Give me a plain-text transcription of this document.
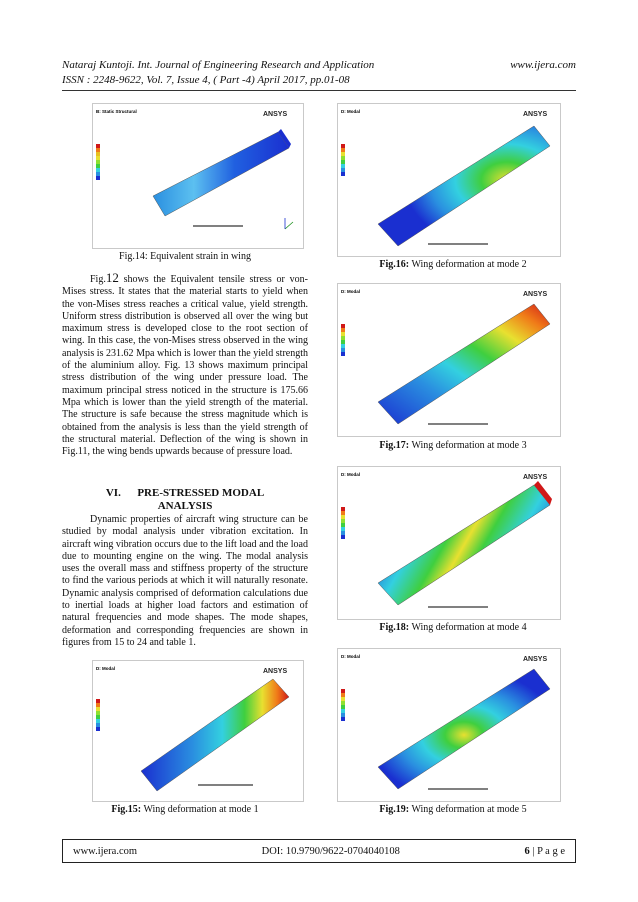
Nataraj Kuntoji. Int. Journal of Engineering Research and Application	www.ijera.com
ISSN : 2248-9622, Vol. 7, Issue 4, ( Part -4) April 2017, pp.01-08
B: Static Structural	ANSYS
Fig.14: Equivalent strain in wing

Fig.12 shows the Equivalent tensile stress or von-Mises stress. It states that the material starts to yield when the von-Mises stress reaches a critical value, yield strength. Uniform stress distribution is observed all over the wing but maximum stress is developed close to the root section of wing. In this case, the von-Mises stress observed in the wing analysis is 231.62 Mpa which is lower than the yield strength of the aluminium alloy. Fig. 13 shows maximum principal stress distribution of the wing under pressure load. The maximum principal stress noticed in the structure is 175.66 Mpa which is lower than the yield strength of the material. The structure is safe because the stress magnitude which is obtained from the analysis is less than the yield strength of the structural material. Deflection of the wing is shown in Fig.11, the wing bends upwards because of pressure load.

VI. PRE-STRESSED MODAL
ANALYSIS

Dynamic properties of aircraft wing structure can be studied by modal analysis under vibration excitation. In aircraft wing vibration occurs due to the lift load and the load due to mounting engine on the wing. The modal analysis uses the overall mass and stiffness property of the structure to find the various periods at which it will naturally resonate. Dynamic analysis comprised of deformation calculations due to inertial loads at higher load factors and estimation of natural frequencies and mode shapes. The mode shapes, deformation and corresponding frequencies are shown in figures from 15 to 24 and table 1.

D: Modal	ANSYS
Fig.15: Wing deformation at mode 1
D: Modal	ANSYS
Fig.16: Wing deformation at mode 2
D: Modal	ANSYS
Fig.17: Wing deformation at mode 3
D: Modal	ANSYS
Fig.18: Wing deformation at mode 4
D: Modal	ANSYS
Fig.19: Wing deformation at mode 5
www.ijera.com	DOI: 10.9790/9622-0704040108	6 | P a g e
